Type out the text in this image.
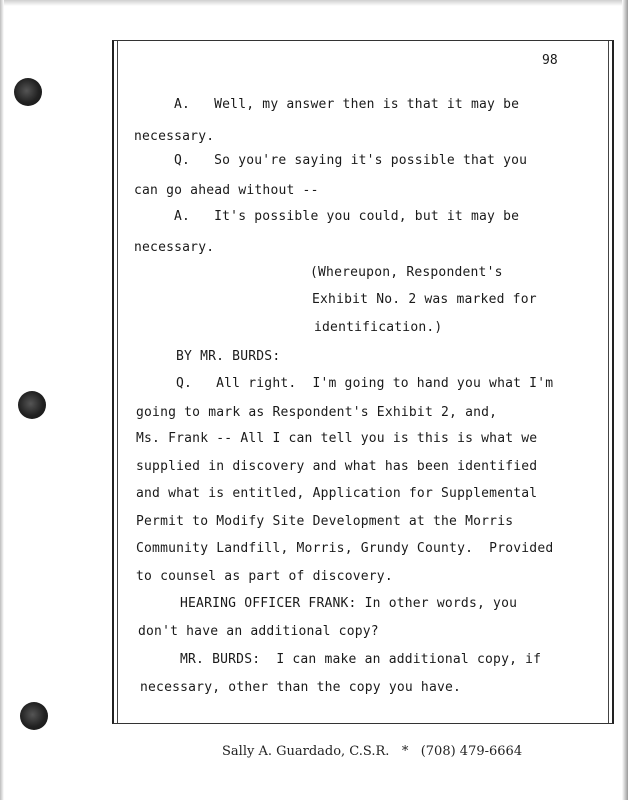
98
A.   Well, my answer then is that it may be
necessary.
Q.   So you're saying it's possible that you
can go ahead without --
A.   It's possible you could, but it may be
necessary.
(Whereupon, Respondent's
Exhibit No. 2 was marked for
identification.)
BY MR. BURDS:
Q.   All right.  I'm going to hand you what I'm
going to mark as Respondent's Exhibit 2, and,
Ms. Frank -- All I can tell you is this is what we
supplied in discovery and what has been identified
and what is entitled, Application for Supplemental
Permit to Modify Site Development at the Morris
Community Landfill, Morris, Grundy County.  Provided
to counsel as part of discovery.
HEARING OFFICER FRANK: In other words, you
don't have an additional copy?
MR. BURDS:  I can make an additional copy, if
necessary, other than the copy you have.
Sally A. Guardado, C.S.R.   *   (708) 479-6664
